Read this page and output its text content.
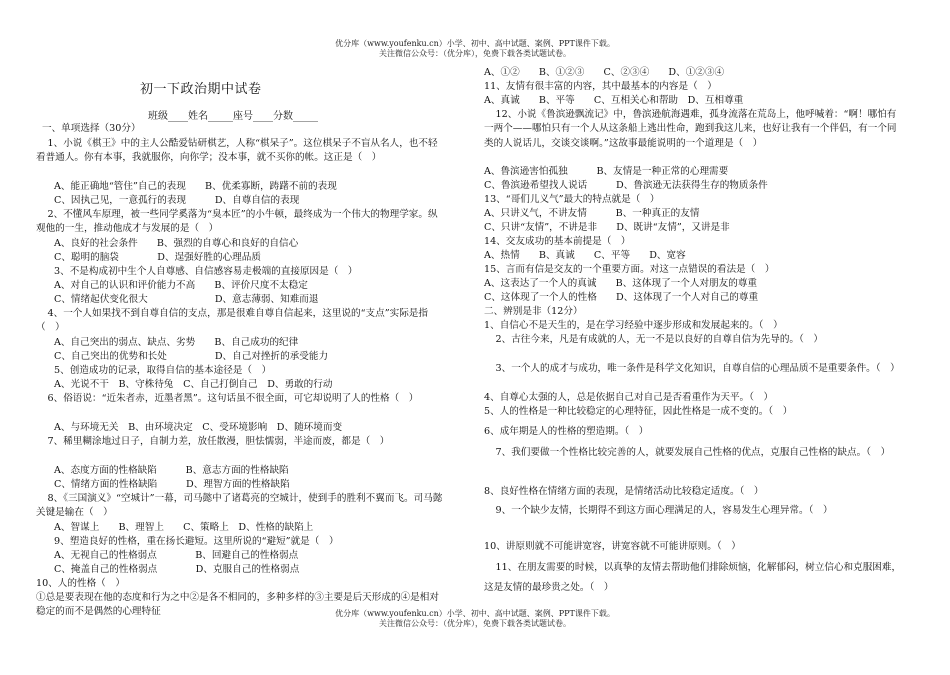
优分库（www.youfenku.cn）小学、初中、高中试题、案例、PPT课件下载。
关注微信公众号：（优分库），免费下载各类试题试卷。
初一下政治期中试卷
班级____姓名_____座号____分数_____
一、单项选择（30分）
1、小说《棋王》中的主人公酷爱钻研棋艺，人称“棋呆子”。这位棋呆子不盲从名人，也不轻看普通人。你有本事，我就服你，向你学；没本事，就不买你的帐。这正是（　）
A、能正确地“管住”自己的表现　　B、优柔寡断，踌躇不前的表现
C、因执己见，一意孤行的表现　　　D、自尊自信的表现
2、不懂风车原理，被一些同学奚落为“臭本匠”的小牛顿，最终成为一个伟大的物理学家。纵观他的一生，推动他成才与发展的是（　）
A、良好的社会条件　　B、强烈的自尊心和良好的自信心
C、聪明的脑袋　　　　D、逞强好胜的心理品质
3、不是构成初中生个人自尊感、自信感容易走极端的直接原因是（　）
A、对自己的认识和评价能力不高　　B、评价尺度不太稳定
C、情绪起伏变化很大　　　　　　　D、意志薄弱、知难而退
4、一个人如果找不到自尊自信的支点，那是很难自尊自信起来，这里说的“支点”实际是指（　）
A、自己突出的弱点、缺点、劣势　　B、自己成功的纪律
C、自己突出的优势和长处　　　　　D、自己对挫折的承受能力
5、创造成功的记录，取得自信的基本途径是（　）
A、光说不干　B、守株待兔　C、自己打倒自己　D、勇敢的行动
6、俗语说：“近朱者赤，近墨者黑”。这句话虽不很全面，可它却说明了人的性格（　）
A、与环境无关　B、由环境决定　C、受环境影响　D、随环境而变
7、稀里糊涂地过日子，自制力差，放任散漫，胆怯懦弱，半途而废，都是（　）
A、态度方面的性格缺陷　　　B、意志方面的性格缺陷
C、情绪方面的性格缺陷　　　D、理智方面的性格缺陷
8、《三国演义》“空城计”一幕，司马懿中了诸葛亮的空城计，使到手的胜利不翼而飞。司马懿关键是输在（　）
A、智谋上　　B、理智上　　C、策略上　D、性格的缺陷上
9、塑造良好的性格，重在扬长避短。这里所说的“避短”就是（　）
A、无视自己的性格弱点　　　　B、回避自己的性格弱点
C、掩盖自己的性格弱点　　　　D、克服自己的性格弱点
10、人的性格（　）
①总是要表现在他的态度和行为之中②是各不相同的，多种多样的③主要是后天形成的④是相对稳定的而不是偶然的心理特征
A、①②　　B、①②③　　C、②③④　　D、①②③④
11、友情有很丰富的内容，其中最基本的内容是（　）
A、真诚　　B、平等　　C、互相关心和帮助　D、互相尊重
12、小说《鲁滨逊飘流记》中，鲁滨逊航海遇难，孤身流落在荒岛上，他呼喊着：“啊！哪怕有一两个——哪怕只有一个人从这条船上逃出性命，跑到我这儿来，也好让我有一个伴侣，有一个同类的人说话儿，交谈交谈啊。”这故事最能说明的一个道理是（　）
A、鲁滨逊害怕孤独　　　B、友情是一种正常的心理需要
C、鲁滨逊希望找人说话　　　D、鲁滨逊无法获得生存的物质条件
13、“哥们儿义气”最大的特点就是（　）
A、只讲义气，不讲友情　　　B、一种真正的友情
C、只讲“友情”，不讲是非　　D、既讲“友情”，又讲是非
14、交友成功的基本前提是（　）
A、热情　　B、真诚　　C、平等　　D、宽容
15、言而有信是交友的一个重要方面。对这一点错误的看法是（　）
A、这表达了一个人的真诚　　B、这体现了一个人对朋友的尊重
C、这体现了一个人的性格　　D、这体现了一个人对自己的尊重
二、辨别是非（12分）
1、自信心不是天生的，是在学习经验中逐步形成和发展起来的。（　）
2、古往今来，凡是有成就的人，无一不是以良好的自尊自信为先导的。（　）
3、一个人的成才与成功，唯一条件是科学文化知识，自尊自信的心理品质不是重要条件。（　）
4、自尊心太强的人，总是依据自己对自己是否看重作为天平。（　）
5、人的性格是一种比较稳定的心理特征，因此性格是一成不变的。（　）
6、成年期是人的性格的塑造期。（　）
7、我们要做一个性格比较完善的人，就要发展自己性格的优点，克服自己性格的缺点。（　）
8、良好性格在情绪方面的表现，是情绪活动比较稳定适度。（　）
9、一个缺少友情，长期得不到这方面心理满足的人，容易发生心理异常。（　）
10、讲原则就不可能讲宽容，讲宽容就不可能讲原则。（　）
11、在朋友需要的时候，以真挚的友情去帮助他们排除烦恼，化解郁闷，树立信心和克服困难，这是友情的最珍贵之处。（　）
优分库（www.youfenku.cn）小学、初中、高中试题、案例、PPT课件下载。
关注微信公众号：（优分库），免费下载各类试题试卷。
